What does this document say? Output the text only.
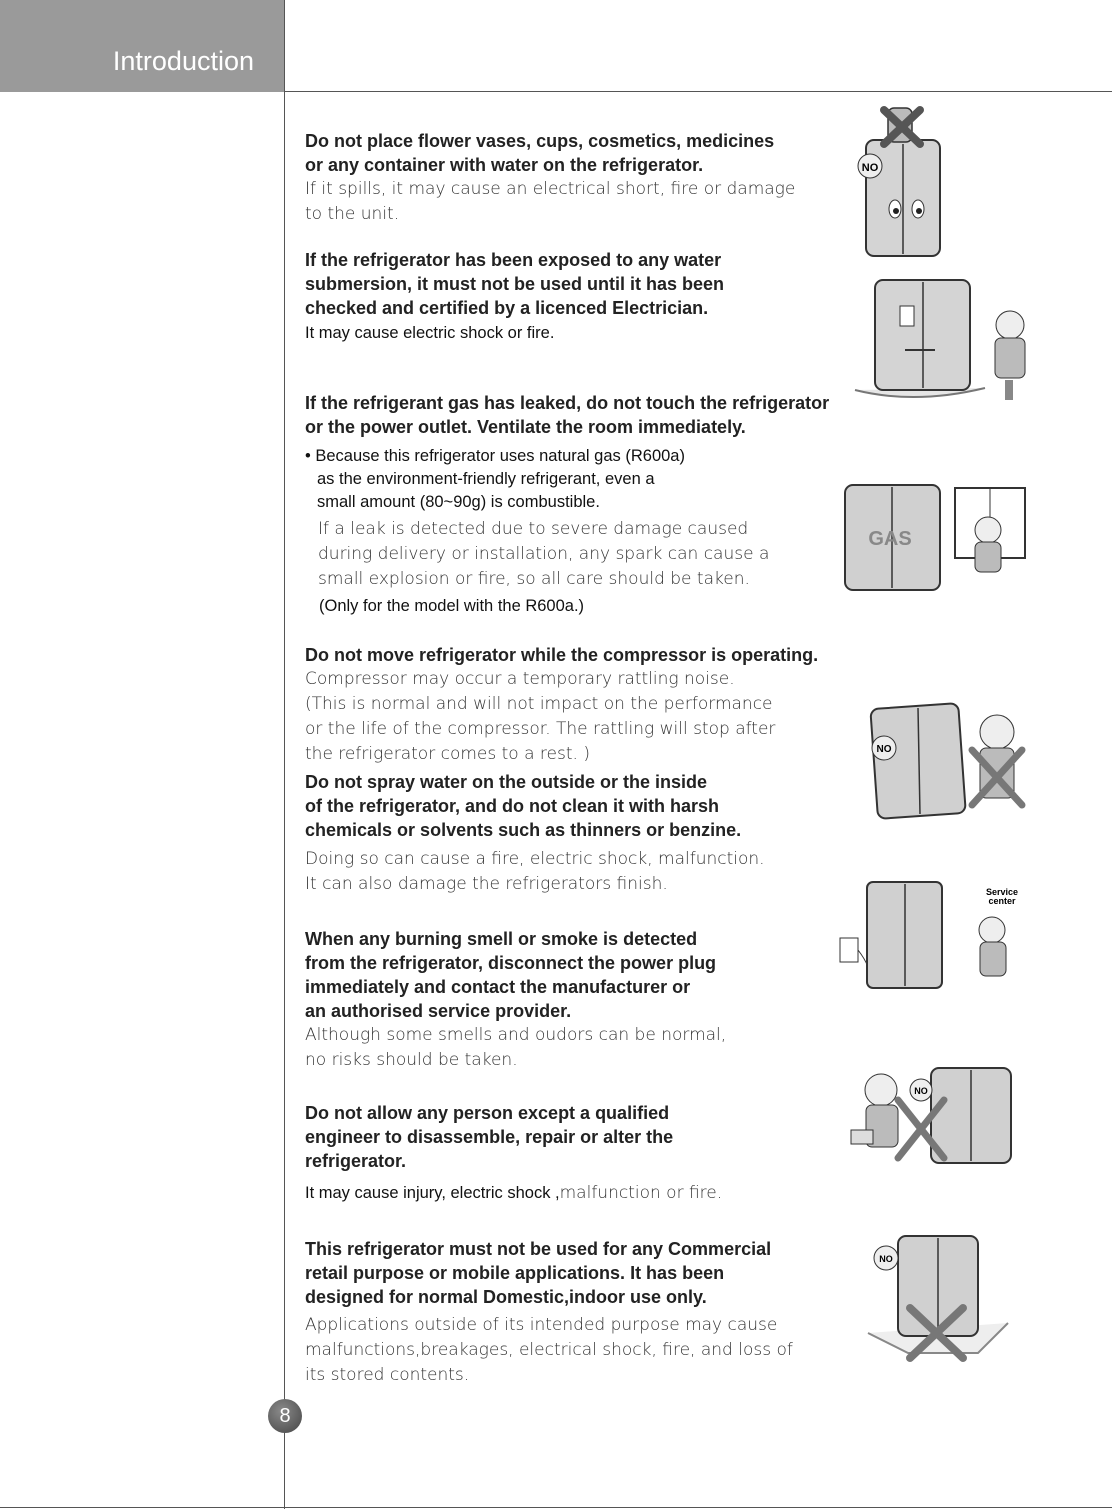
Introduction
Do not place flower vases, cups, cosmetics, medicines
or any container with water on the refrigerator.
If it spills, it may cause an electrical short, fire or damage
to the unit.
If the refrigerator has been exposed to any water
submersion, it must not be used until it has been
checked and certified by a licenced Electrician.
It may cause electric shock or fire.
If the refrigerant gas has leaked, do not touch the refrigerator
or the power outlet. Ventilate the room immediately.
• Because this refrigerator uses natural gas (R600a)
as the environment-friendly refrigerant, even a
small amount (80~90g) is combustible.
If a leak is detected due to severe damage caused
during delivery or installation, any spark can cause a
small explosion or fire, so all care should be taken.
(Only for the model with the R600a.)
Do not move refrigerator while the compressor is operating.
Compressor may occur a temporary rattling noise.
(This is normal and will not impact on the performance
or the life of the compressor. The rattling will stop after
the refrigerator comes to a rest. )
Do not spray water on the outside or the inside
of the refrigerator, and do not clean it with harsh
chemicals or solvents such as thinners or benzine.
Doing so can cause a fire, electric shock, malfunction.
It can also damage the refrigerators finish.
When any burning smell or smoke is detected
from the refrigerator, disconnect the power plug
immediately and contact the manufacturer or
an authorised service provider.
Although some smells and oudors can be normal,
no risks should be taken.
Do not allow any person except a qualified
engineer to disassemble, repair or alter the
refrigerator.
It may cause injury, electric shock ,malfunction or fire.
This refrigerator must not be used for any Commercial
retail purpose or mobile applications. It has been
designed for normal Domestic,indoor use only.
Applications outside of its intended purpose may cause
malfunctions,breakages, electrical shock, fire, and loss of
its stored contents.
NO
GAS
NO
Service
center
NO
NO
8
